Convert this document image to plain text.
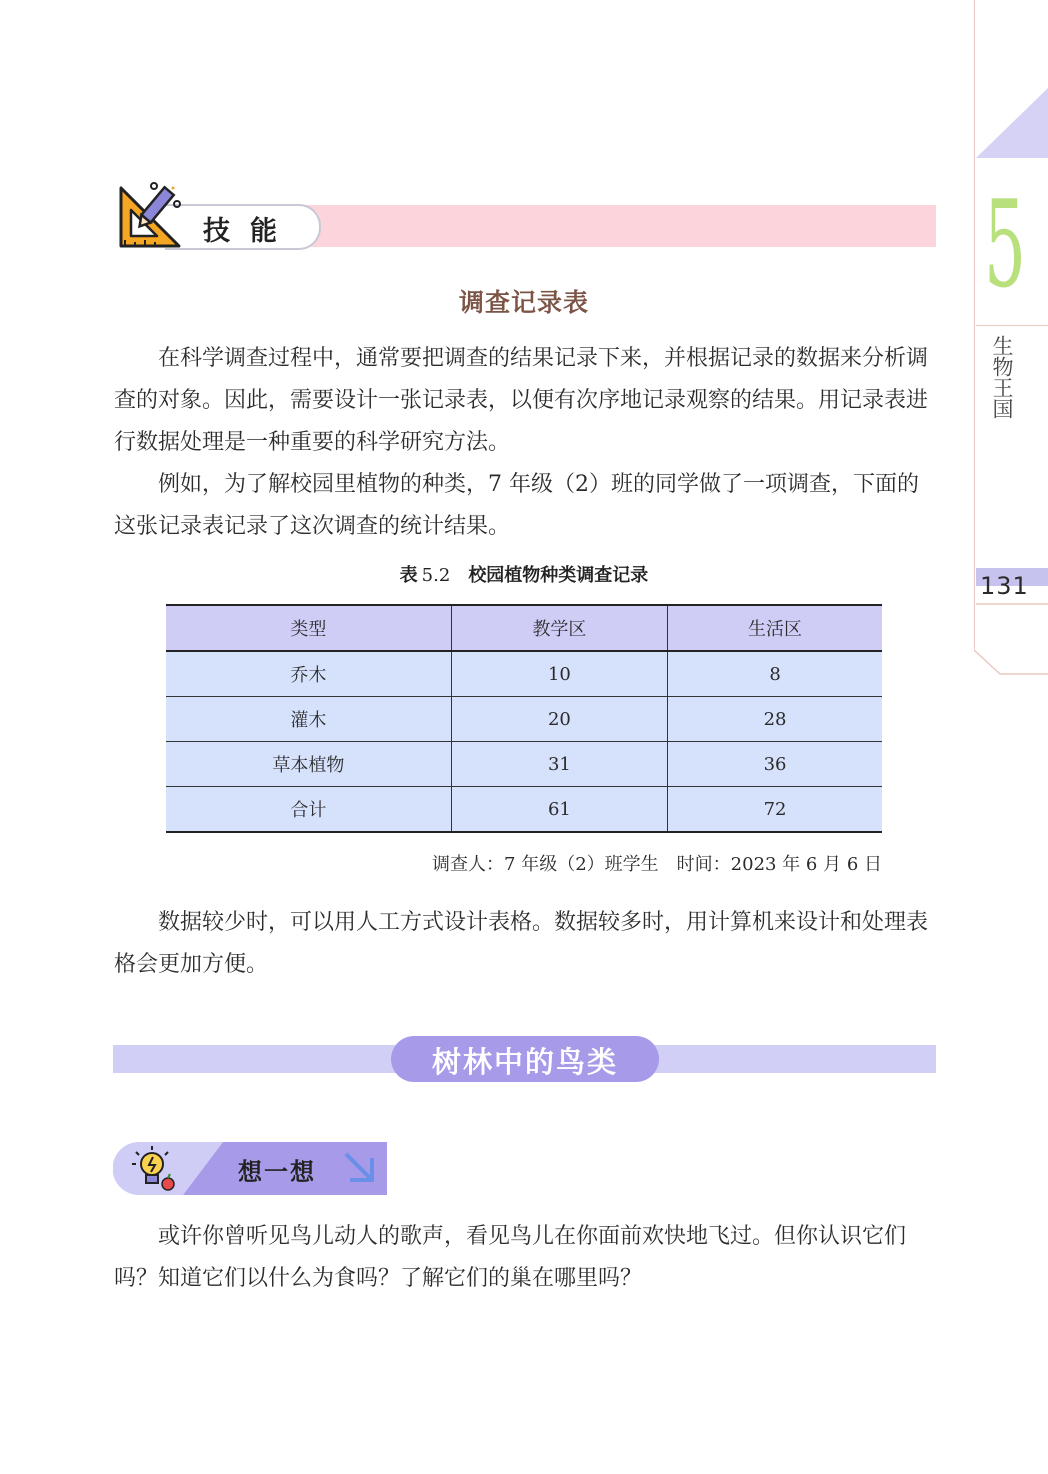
5
生物王国
131
技能
调查记录表

在科学调查过程中，通常要把调查的结果记录下来，并根据记录的数据来分析调查的对象。因此，需要设计一张记录表，以便有次序地记录观察的结果。用记录表进行数据处理是一种重要的科学研究方法。

例如，为了解校园里植物的种类，7 年级（2）班的同学做了一项调查，下面的这张记录表记录了这次调查的统计结果。

表 5.2 校园植物种类调查记录
类型	教学区	生活区
乔木	10	8
灌木	20	28
草本植物	31	36
合计	61	72
调查人：7 年级（2）班学生　时间：2023 年 6 月 6 日

数据较少时，可以用人工方式设计表格。数据较多时，用计算机来设计和处理表格会更加方便。

树林中的鸟类
想一想

或许你曾听见鸟儿动人的歌声，看见鸟儿在你面前欢快地飞过。但你认识它们吗？知道它们以什么为食吗？了解它们的巢在哪里吗？
